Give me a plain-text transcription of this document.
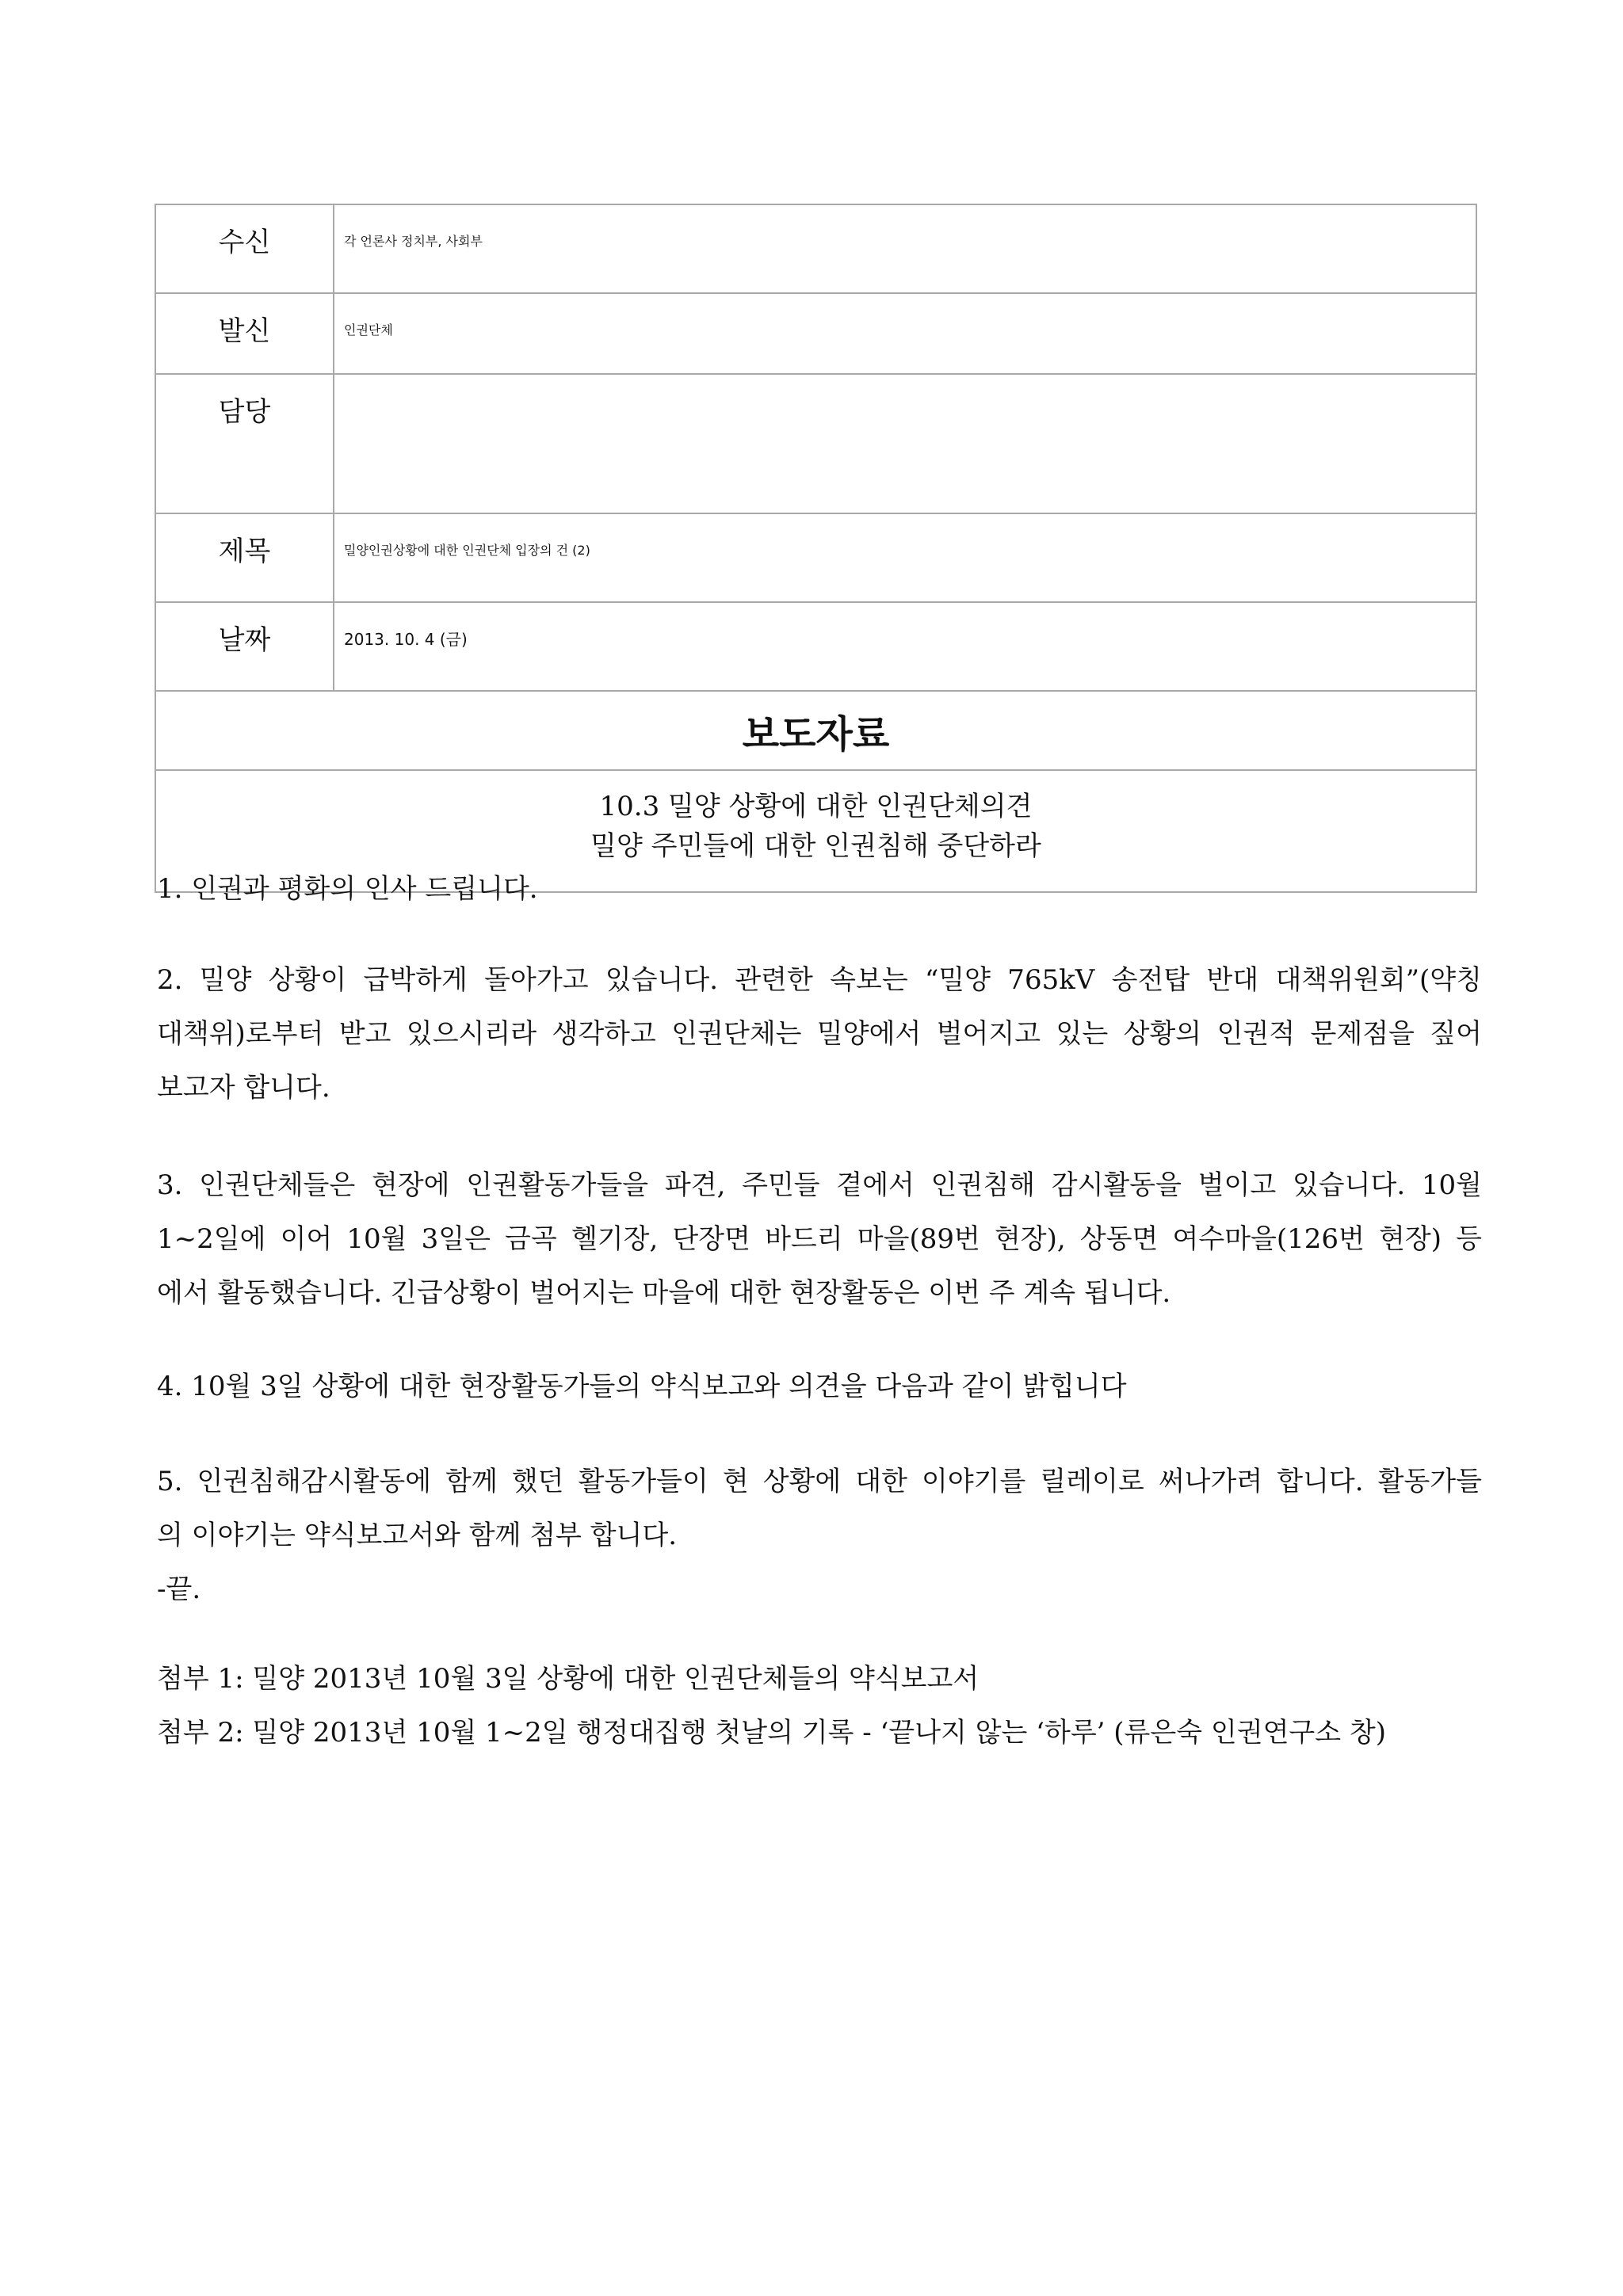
수신	각 언론사 정치부, 사회부
발신	인권단체
담당	

제목	밀양인권상황에 대한 인권단체 입장의 건 (2)
날짜	2013. 10. 4 (금)
보도자료	

10.3 밀양 상황에 대한 인권단체의견
밀양 주민들에 대한 인권침해 중단하라	

1. 인권과 평화의 인사 드립니다.

2. 밀양 상황이 급박하게 돌아가고 있습니다. 관련한 속보는 “밀양 765kV 송전탑 반대 대책위원회”(약칭
대책위)로부터 받고 있으시리라 생각하고 인권단체는 밀양에서 벌어지고 있는 상황의 인권적 문제점을 짚어
보고자 합니다.

3. 인권단체들은 현장에 인권활동가들을 파견, 주민들 곁에서 인권침해 감시활동을 벌이고 있습니다. 10월
1~2일에 이어 10월 3일은 금곡 헬기장, 단장면 바드리 마을(89번 현장), 상동면 여수마을(126번 현장) 등
에서 활동했습니다. 긴급상황이 벌어지는 마을에 대한 현장활동은 이번 주 계속 됩니다.

4. 10월 3일 상황에 대한 현장활동가들의 약식보고와 의견을 다음과 같이 밝힙니다

5. 인권침해감시활동에 함께 했던 활동가들이 현 상황에 대한 이야기를 릴레이로 써나가려 합니다. 활동가들
의 이야기는 약식보고서와 함께 첨부 합니다.
-끝.

첨부 1: 밀양 2013년 10월 3일 상황에 대한 인권단체들의 약식보고서
첨부 2: 밀양 2013년 10월 1~2일 행정대집행 첫날의 기록 - ‘끝나지 않는 ‘하루’ (류은숙 인권연구소 창)
